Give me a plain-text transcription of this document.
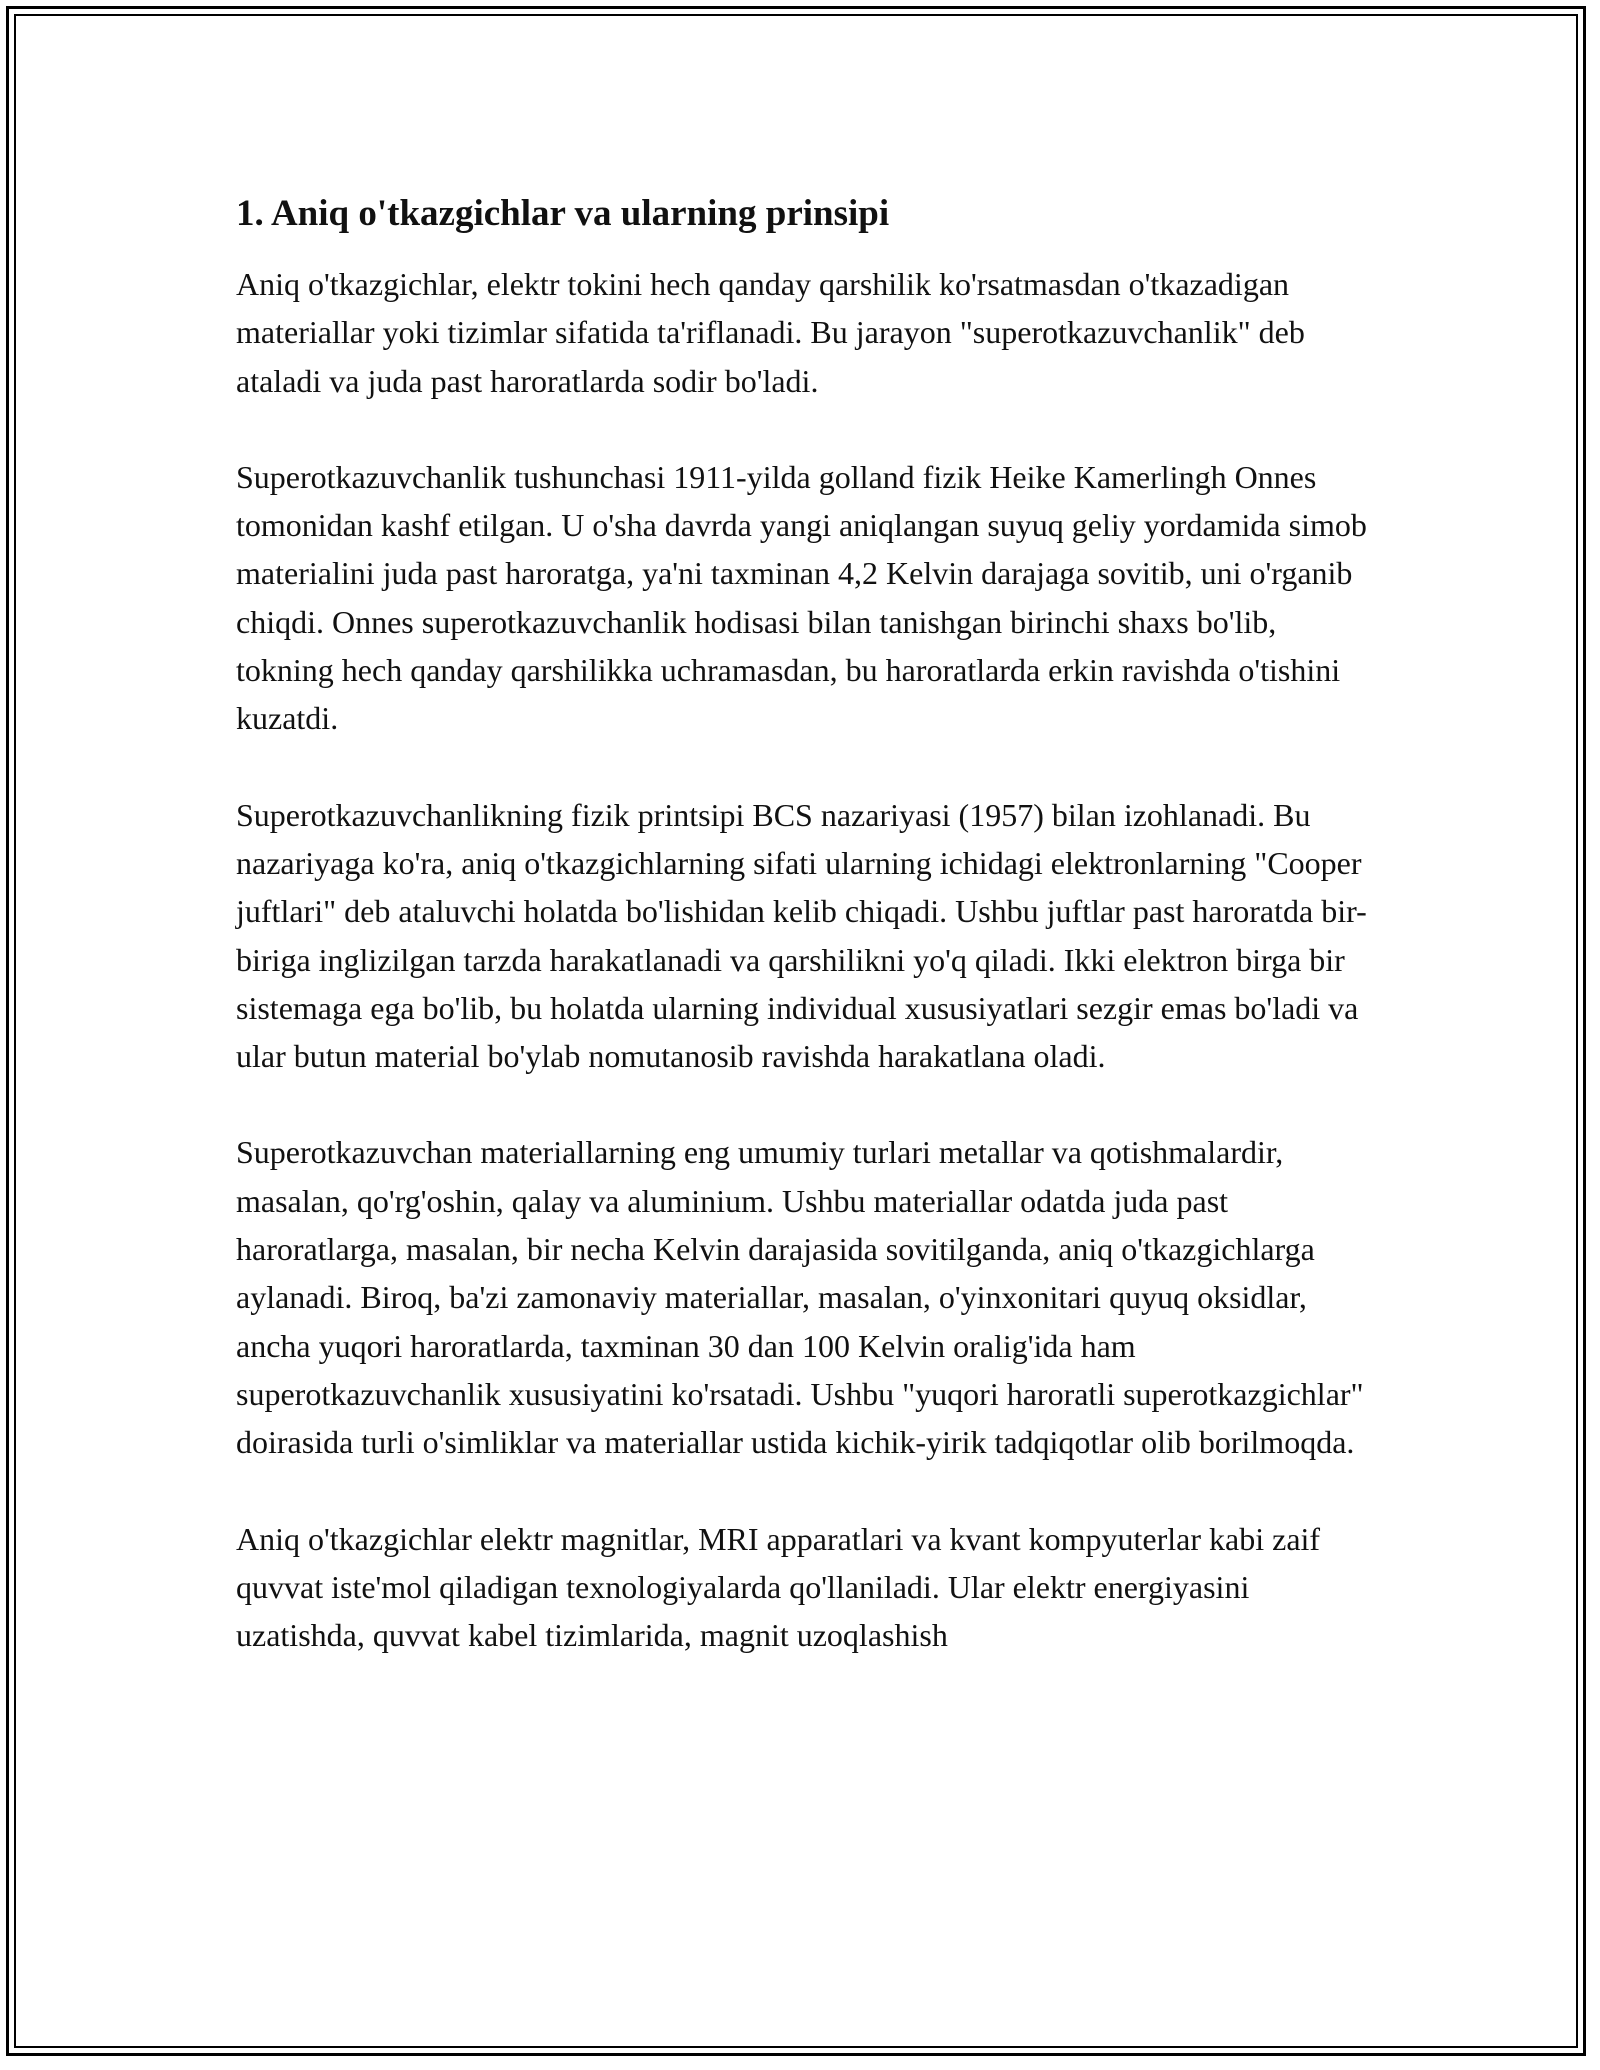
1. Aniq o'tkazgichlar va ularning prinsipi

Aniq o'tkazgichlar, elektr tokini hech qanday qarshilik ko'rsatmasdan o'tkazadigan materiallar yoki tizimlar sifatida ta'riflanadi. Bu jarayon "superotkazuvchanlik" deb ataladi va juda past haroratlarda sodir bo'ladi.

Superotkazuvchanlik tushunchasi 1911-yilda golland fizik Heike Kamerlingh Onnes tomonidan kashf etilgan. U o'sha davrda yangi aniqlangan suyuq geliy yordamida simob materialini juda past haroratga, ya'ni taxminan 4,2 Kelvin darajaga sovitib, uni o'rganib chiqdi. Onnes superotkazuvchanlik hodisasi bilan tanishgan birinchi shaxs bo'lib, tokning hech qanday qarshilikka uchramasdan, bu haroratlarda erkin ravishda o'tishini kuzatdi.

Superotkazuvchanlikning fizik printsipi BCS nazariyasi (1957) bilan izohlanadi. Bu nazariyaga ko'ra, aniq o'tkazgichlarning sifati ularning ichidagi elektronlarning "Cooper juftlari" deb ataluvchi holatda bo'lishidan kelib chiqadi. Ushbu juftlar past haroratda bir-biriga inglizilgan tarzda harakatlanadi va qarshilikni yo'q qiladi. Ikki elektron birga bir sistemaga ega bo'lib, bu holatda ularning individual xususiyatlari sezgir emas bo'ladi va ular butun material bo'ylab nomutanosib ravishda harakatlana oladi.

Superotkazuvchan materiallarning eng umumiy turlari metallar va qotishmalardir, masalan, qo'rg'oshin, qalay va aluminium. Ushbu materiallar odatda juda past haroratlarga, masalan, bir necha Kelvin darajasida sovitilganda, aniq o'tkazgichlarga aylanadi. Biroq, ba'zi zamonaviy materiallar, masalan, o'yinxonitari quyuq oksidlar, ancha yuqori haroratlarda, taxminan 30 dan 100 Kelvin oralig'ida ham superotkazuvchanlik xususiyatini ko'rsatadi. Ushbu "yuqori haroratli superotkazgichlar" doirasida turli o'simliklar va materiallar ustida kichik-yirik tadqiqotlar olib borilmoqda.

Aniq o'tkazgichlar elektr magnitlar, MRI apparatlari va kvant kompyuterlar kabi zaif quvvat iste'mol qiladigan texnologiyalarda qo'llaniladi. Ular elektr energiyasini uzatishda, quvvat kabel tizimlarida, magnit uzoqlashish
